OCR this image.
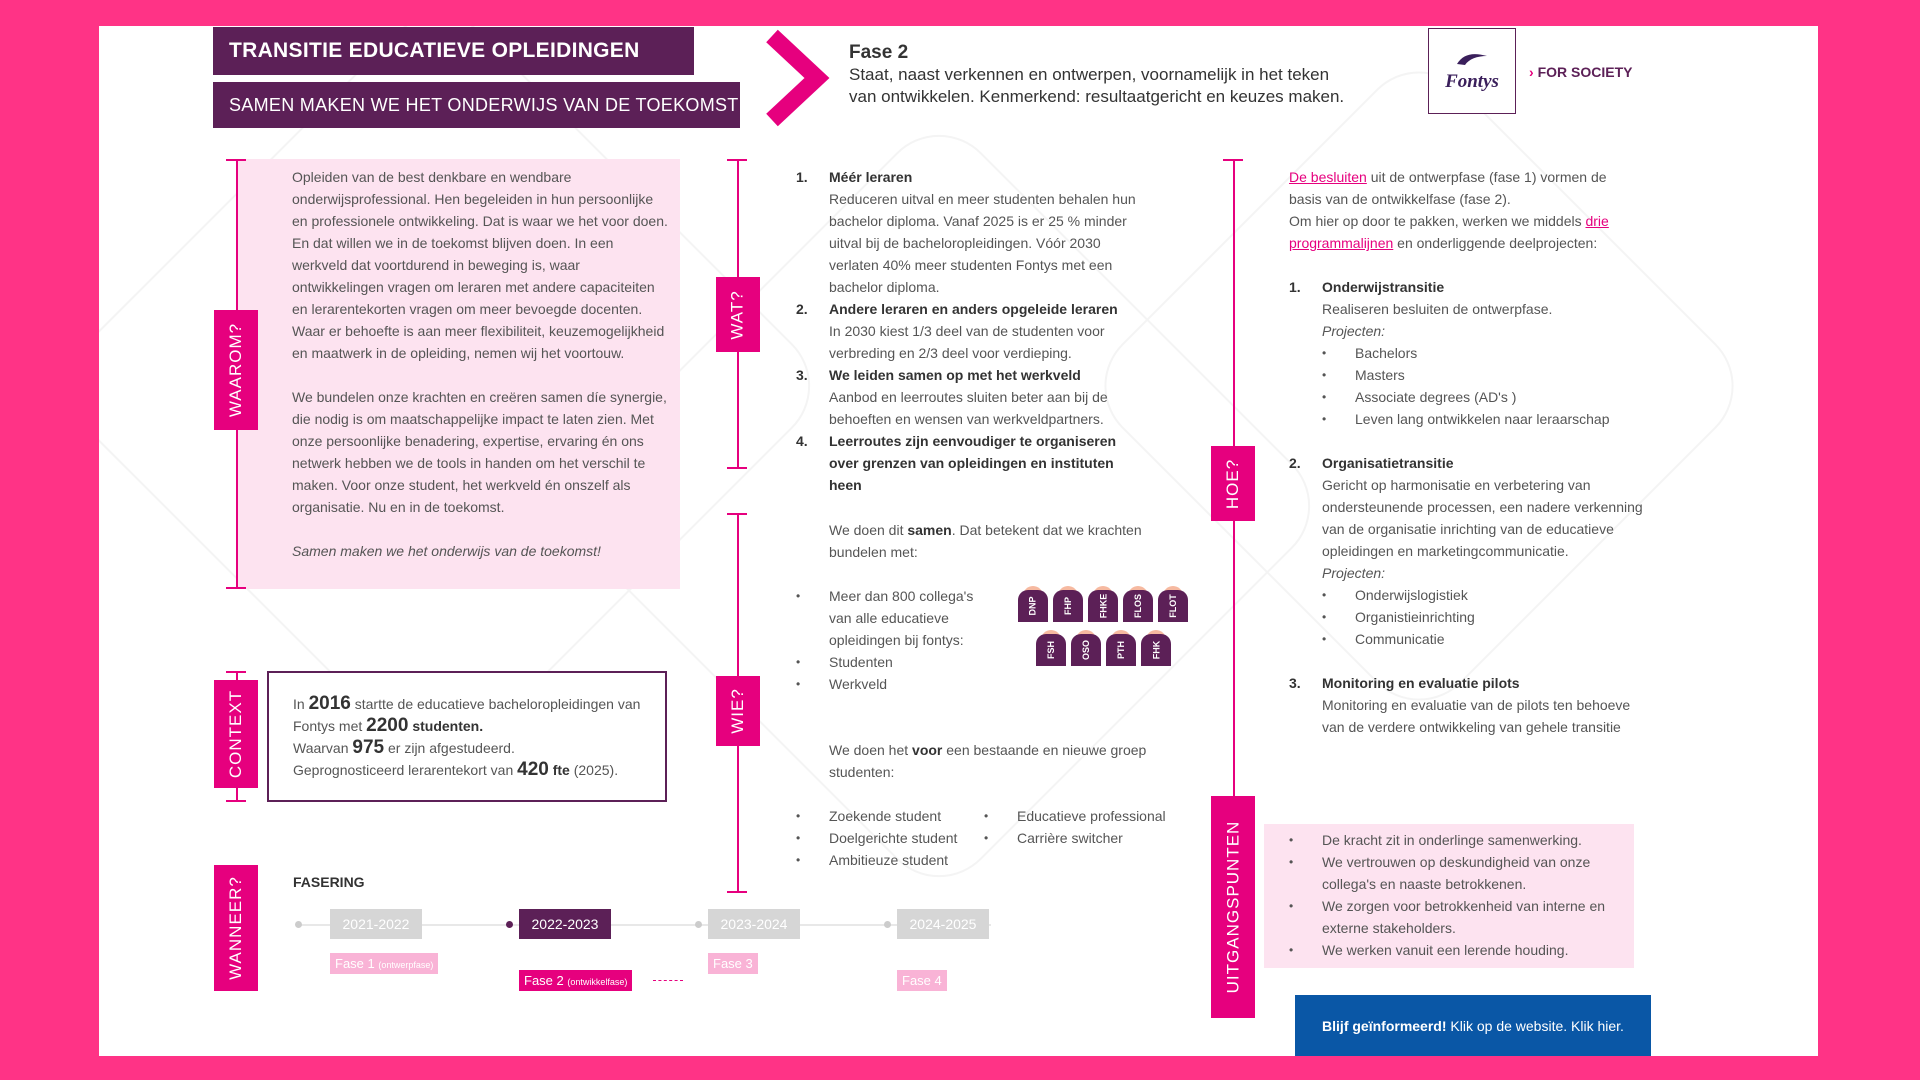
TRANSITIE EDUCATIEVE OPLEIDINGEN
SAMEN MAKEN WE HET ONDERWIJS VAN DE TOEKOMST
Fase 2
Staat, naast verkennen en ontwerpen, voornamelijk in het teken
van ontwikkelen. Kenmerkend: resultaatgericht en keuzes maken.
Fontys › FOR SOCIETY
WAAROM?

Opleiden van de best denkbare en wendbare onderwijsprofessional. Hen begeleiden in hun persoonlijke en professionele ontwikkeling. Dat is waar we het voor doen. En dat willen we in de toekomst blijven doen. In een werkveld dat voortdurend in beweging is, waar ontwikkelingen vragen om leraren met andere capaciteiten en lerarentekorten vragen om meer bevoegde docenten. Waar er behoefte is aan meer flexibiliteit, keuzemogelijkheid en maatwerk in de opleiding, nemen wij het voortouw.

We bundelen onze krachten en creëren samen díe synergie, die nodig is om maatschappelijke impact te laten zien. Met onze persoonlijke benadering, expertise, ervaring én ons netwerk hebben we de tools in handen om het verschil te maken. Voor onze student, het werkveld én onszelf als organisatie. Nu en in de toekomst.

Samen maken we het onderwijs van de toekomst!

CONTEXT	In 2016 startte de educatieve bacheloropleidingen van

Fontys met 2200 studenten.

Waarvan 975 er zijn afgestudeerd.

Geprognosticeerd lerarentekort van 420 fte (2025).

WANNEER?	FASERING
2021-2022	2022-2023	2023-2024	2024-2025
Fase 1 (ontwerpfase)
Fase 2 (ontwikkelfase)
Fase 3
Fase 4
WAT?
1. Méér leraren
Reduceren uitval en meer studenten behalen hun bachelor diploma. Vanaf 2025 is er 25 % minder uitval bij de bacheloropleidingen. Vóór 2030 verlaten 40% meer studenten Fontys met een bachelor diploma.
2. Andere leraren en anders opgeleide leraren
In 2030 kiest 1/3 deel van de studenten voor verbreding en 2/3 deel voor verdieping.
3. We leiden samen op met het werkveld
Aanbod en leerroutes sluiten beter aan bij de behoeften en wensen van werkveldpartners.
4. Leerroutes zijn eenvoudiger te organiseren over grenzen van opleidingen en instituten heen
WIE?
We doen dit samen. Dat betekent dat we krachten bundelen met:
• Meer dan 800 collega's van alle educatieve opleidingen bij fontys:
• Studenten
• Werkveld
DNP	FHP	FHKE	FLOS	FLOT
FSH	OSO	PTH	FHK
We doen het voor een bestaande en nieuwe groep studenten:
• Zoekende student
• Doelgerichte student
• Ambitieuze student
• Educatieve professional
• Carrière switcher
HOE?
De besluiten uit de ontwerpfase (fase 1) vormen de basis van de ontwikkelfase (fase 2).
Om hier op door te pakken, werken we middels drie programmalijnen en onderliggende deelprojecten:
1. Onderwijstransitie
Realiseren besluiten de ontwerpfase.
Projecten:
• Bachelors
• Masters
• Associate degrees (AD's )
• Leven lang ontwikkelen naar leraarschap
2. Organisatietransitie
Gericht op harmonisatie en verbetering van ondersteunende processen, een nadere verkenning van de organisatie inrichting van de educatieve opleidingen en marketingcommunicatie.
Projecten:
• Onderwijslogistiek
• Organistieinrichting
• Communicatie
3. Monitoring en evaluatie pilots
Monitoring en evaluatie van de pilots ten behoeve van de verdere ontwikkeling van gehele transitie
UITGANGSPUNTEN
•	De kracht zit in onderlinge samenwerking.
• We vertrouwen op deskundigheid van onze collega's en naaste betrokkenen.
• We zorgen voor betrokkenheid van interne en externe stakeholders.
• We werken vanuit een lerende houding.
Blijf geïnformeerd!
Klik op de website. Klik hier.
